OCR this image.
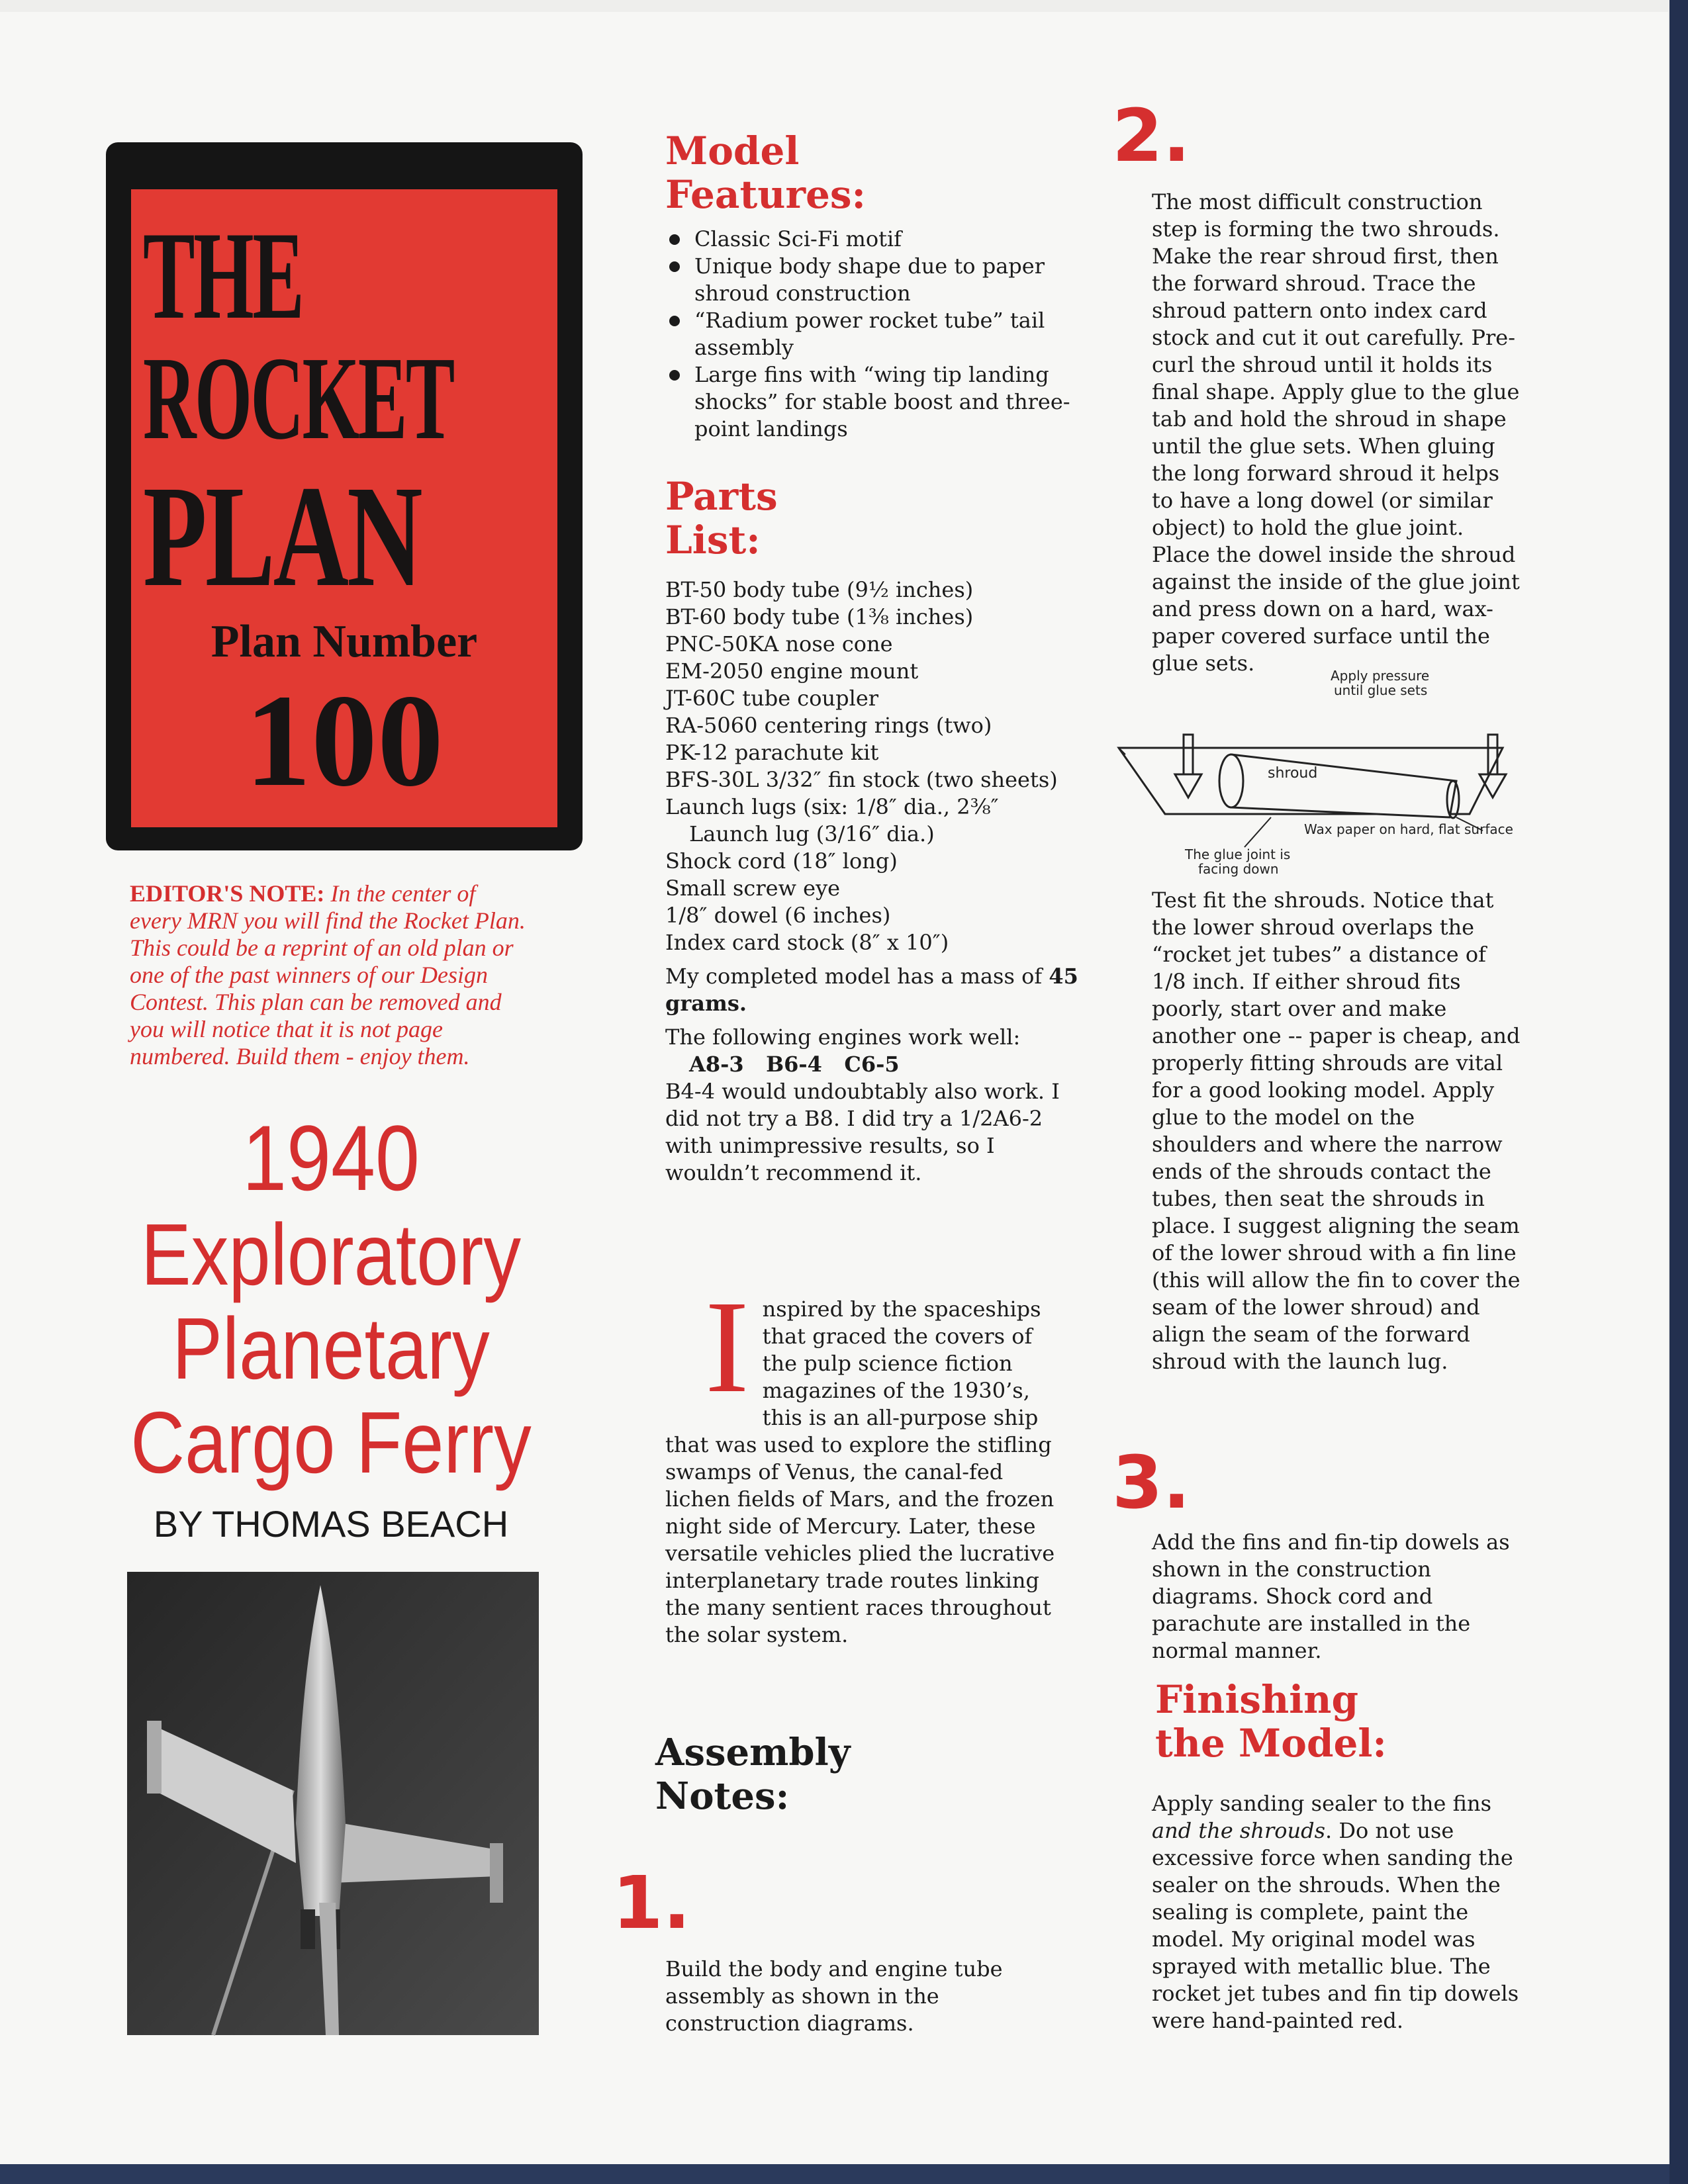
THE

ROCKET

PLAN

Plan Number

100

EDITOR'S NOTE: In the center of every MRN you will find the Rocket Plan. This could be a reprint of an old plan or one of the past winners of our Design Contest. This plan can be removed and you will notice that it is not page numbered. Build them - enjoy them.
1940
Exploratory
Planetary
Cargo Ferry
BY THOMAS BEACH

Model

Features:

Classic Sci-Fi motif
Unique body shape due to paper shroud construction
“Radium power rocket tube” tail assembly
Large fins with “wing tip landing shocks” for stable boost and three-point landings

Parts

List:

BT-50 body tube (9½ inches)
BT-60 body tube (1⅜ inches)
PNC-50KA nose cone
EM-2050 engine mount
JT-60C tube coupler
RA-5060 centering rings (two)
PK-12 parachute kit
BFS-30L 3/32″ fin stock (two sheets)
Launch lugs (six: 1/8″ dia., 2⅜″
Launch lug (3/16″ dia.)
Shock cord (18″ long)
Small screw eye
1/8″ dowel (6 inches)
Index card stock (8″ x 10″)

My completed model has a mass of 45 grams.

The following engines work well:

A8-3   B6-4   C6-5

B4-4 would undoubtably also work. I did not try a B8. I did try a 1/2A6-2 with unimpressive results, so I wouldn’t recommend it.

Inspired by the spaceships that graced the covers of the pulp science fiction magazines of the 1930’s, this is an all-purpose ship that was used to explore the stifling swamps of Venus, the canal-fed lichen fields of Mars, and the frozen night side of Mercury. Later, these versatile vehicles plied the lucrative interplanetary trade routes linking the many sentient races throughout the solar system.

Assembly

Notes:

1.

Build the body and engine tube assembly as shown in the construction diagrams.

2.

The most difficult construction step is forming the two shrouds. Make the rear shroud first, then the forward shroud. Trace the shroud pattern onto index card stock and cut it out carefully. Pre-curl the shroud until it holds its final shape. Apply glue to the glue tab and hold the shroud in shape until the glue sets. When gluing the long forward shroud it helps to have a long dowel (or similar object) to hold the glue joint. Place the dowel inside the shroud against the inside of the glue joint and press down on a hard, wax-paper covered surface until the glue sets.	Apply pressure
until glue sets
shroud
Wax paper on hard, flat surface
The glue joint is
facing down

Test fit the shrouds. Notice that the lower shroud overlaps the “rocket jet tubes” a distance of 1/8 inch. If either shroud fits poorly, start over and make another one -- paper is cheap, and properly fitting shrouds are vital for a good looking model. Apply glue to the model on the shoulders and where the narrow ends of the shrouds contact the tubes, then seat the shrouds in place. I suggest aligning the seam of the lower shroud with a fin line (this will allow the fin to cover the seam of the lower shroud) and align the seam of the forward shroud with the launch lug.

3.

Add the fins and fin-tip dowels as shown in the construction diagrams. Shock cord and parachute are installed in the normal manner.

Finishing

the Model:

Apply sanding sealer to the fins and the shrouds. Do not use excessive force when sanding the sealer on the shrouds. When the sealing is complete, paint the model. My original model was sprayed with metallic blue. The rocket jet tubes and fin tip dowels were hand-painted red.
